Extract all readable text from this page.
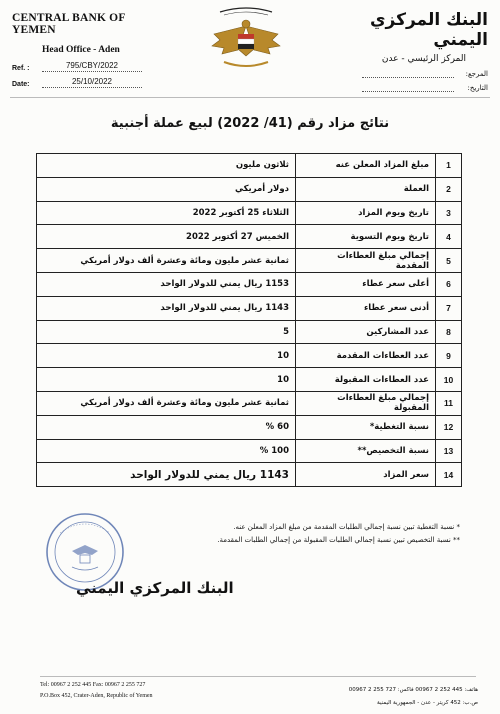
CENTRAL BANK OF YEMEN
Head Office - Aden
Ref. :	795/CBY/2022
Date:	25/10/2022
البنك المركزي اليمني
المركز الرئيسي - عدن
المرجع:
التاريخ:
نتائج مزاد رقم (41/ 2022) لبيع عملة أجنبية
1	مبلغ المزاد المعلن عنه	ثلاثون مليون
2	العملة	دولار أمريكي
3	تاريخ ويوم المزاد	الثلاثاء 25 أكتوبر 2022
4	تاريخ ويوم التسوية	الخميس 27 أكتوبر 2022
5	إجمالي مبلغ العطاءات المقدمة	ثمانية عشر مليون ومائة وعشرة ألف دولار أمريكي
6	أعلى سعر عطاء	1153 ريال يمني للدولار الواحد
7	أدنى سعر عطاء	1143 ريال يمني للدولار الواحد
8	عدد المشاركين	5
9	عدد العطاءات المقدمة	10
10	عدد العطاءات المقبولة	10
11	إجمالي مبلغ العطاءات المقبولة	ثمانية عشر مليون ومائة وعشرة ألف دولار أمريكي
12	نسبة التغطية*	60 %
13	نسبة التخصيص**	100 %
14	سعر المزاد	1143 ريال يمني للدولار الواحد
* نسبة التغطية تبين نسبة إجمالي الطلبات المقدمة من مبلغ المزاد المعلن عنه.
** نسبة التخصيص تبين نسبة إجمالي الطلبات المقبولة من إجمالي الطلبات المقدمة.
البنك المركزي اليمني
Tel: 00967 2 252 445 Fax: 00967 2 255 727
P.O.Box 452, Crater-Aden, Republic of Yemen
هاتف: 445 252 2 00967 فاكس: 727 255 2 00967
ص.ب: 452 كريتر - عدن - الجمهورية اليمنية
